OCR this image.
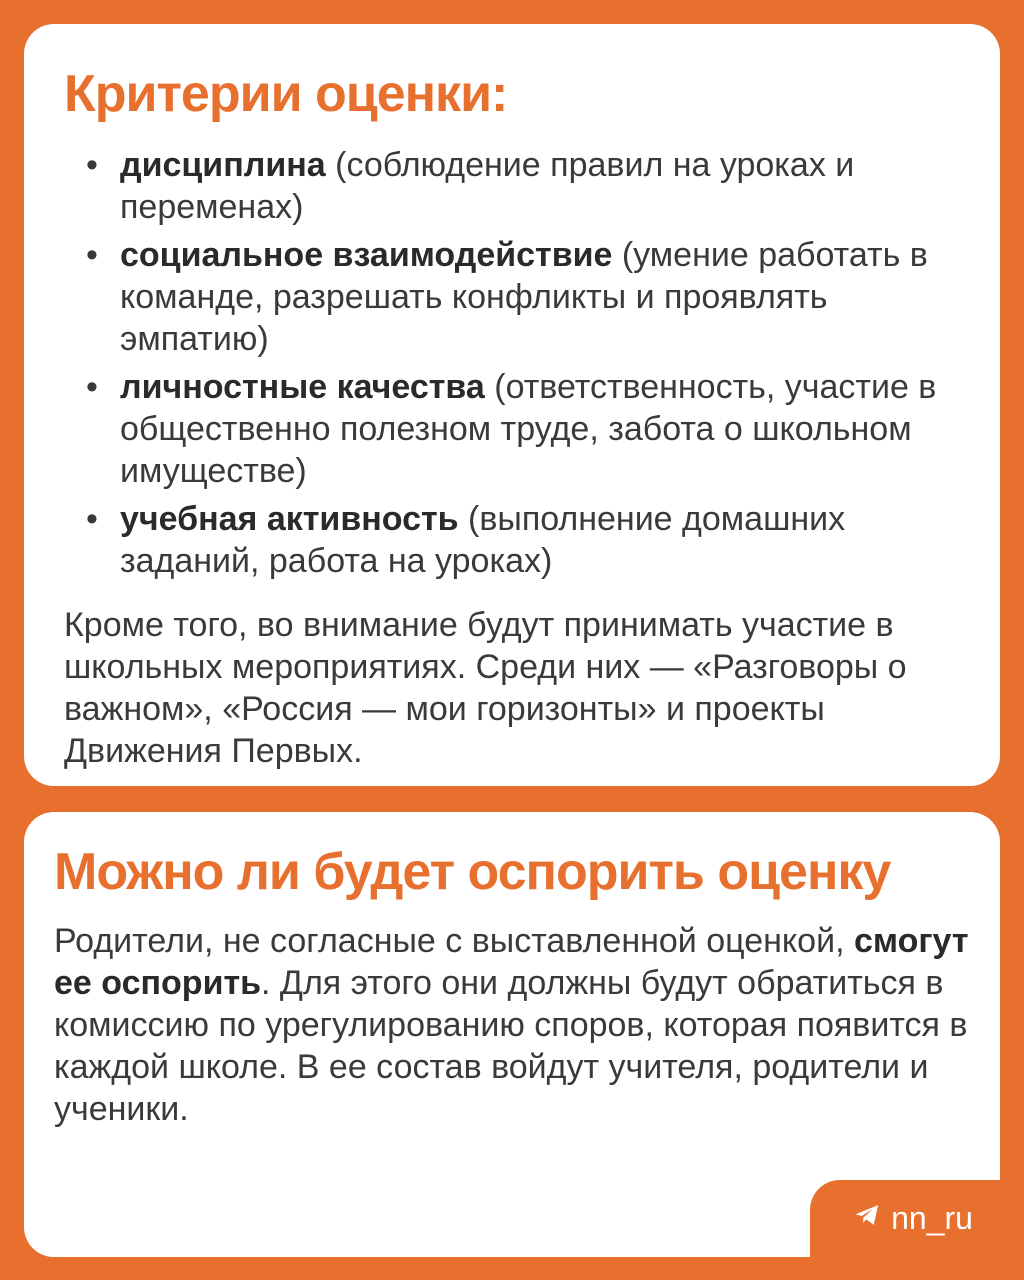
Критерии оценки:
• дисциплина (соблюдение правил на уроках и переменах)
• социальное взаимодействие (умение работать в команде, разрешать конфликты и проявлять эмпатию)
• личностные качества (ответственность, участие в общественно полезном труде, забота о школьном имуществе)
• учебная активность (выполнение домашних заданий, работа на уроках)

Кроме того, во внимание будут принимать участие в школьных мероприятиях. Среди них — «Разговоры о важном», «Россия — мои горизонты» и проекты Движения Первых.

Можно ли будет оспорить оценку

Родители, не согласные с выставленной оценкой, смогут ее оспорить. Для этого они должны будут обратиться в комиссию по урегулированию споров, которая появится в каждой школе. В ее состав войдут учителя, родители и ученики.

nn_ru
